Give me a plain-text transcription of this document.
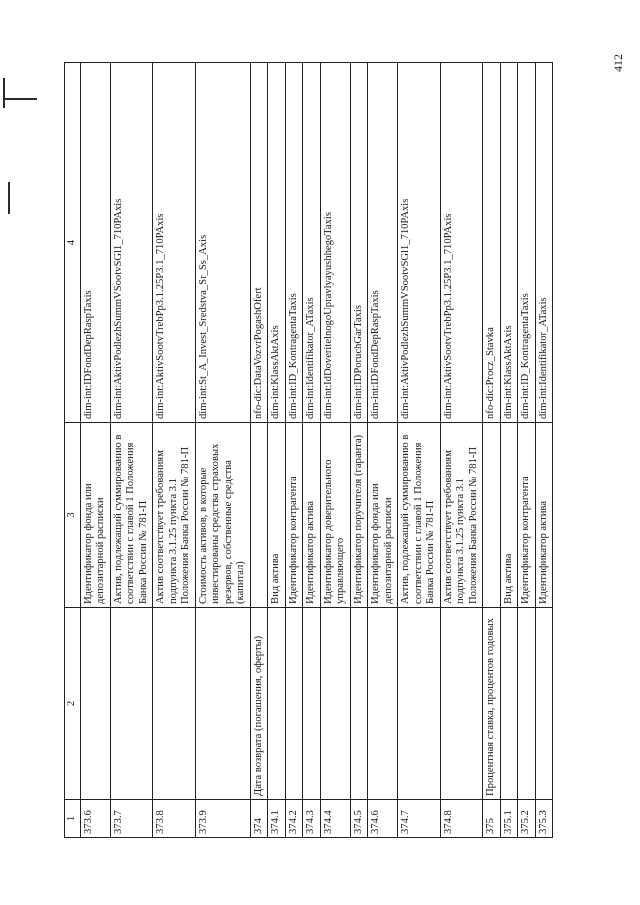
412
1	2	3	4
373.6		Идентификатор фонда или депозитарной расписки	dim-int:IDFondDepRaspTaxis
373.7		Актив, подлежащий суммированию в соответствии с главой 1 Положения Банка России № 781-П	dim-int:AktivPodlezhSummVSootvSGl1_710PAxis
373.8		Актив соответствует требованиям подпункта 3.1.25 пункта 3.1 Положения Банка России № 781-П	dim-int:AktivSootvTrebPp3.1.25P3.1_710PAxis
373.9		Стоимость активов, в которые инвестированы средства страховых резервов, собственные средства (капитал)	dim-int:St_A_Invest_Sredstva_Sr_Ss_Axis
374	Дата возврата (погашения, оферты)		nfo-dic:DataVozvrPogashOfert
374.1		Вид актива	dim-int:KlassAktAxis
374.2		Идентификатор контрагента	dim-int:ID_KontragentaTaxis
374.3		Идентификатор актива	dim-int:Identifikator_ATaxis
374.4		Идентификатор доверительного управляющего	dim-int:IdDoveritelnogoUpravlyayushhegoTaxis
374.5		Идентификатор поручителя (гаранта)	dim-int:IDPoruchGarTaxis
374.6		Идентификатор фонда или депозитарной расписки	dim-int:IDFondDepRaspTaxis
374.7		Актив, подлежащий суммированию в соответствии с главой 1 Положения Банка России № 781-П	dim-int:AktivPodlezhSummVSootvSGl1_710PAxis
374.8		Актив соответствует требованиям подпункта 3.1.25 пункта 3.1 Положения Банка России № 781-П	dim-int:AktivSootvTrebPp3.1.25P3.1_710PAxis
375	Процентная ставка, процентов годовых		nfo-dic:Procz_Stavka
375.1		Вид актива	dim-int:KlassAktAxis
375.2		Идентификатор контрагента	dim-int:ID_KontragentaTaxis
375.3		Идентификатор актива	dim-int:Identifikator_ATaxis
